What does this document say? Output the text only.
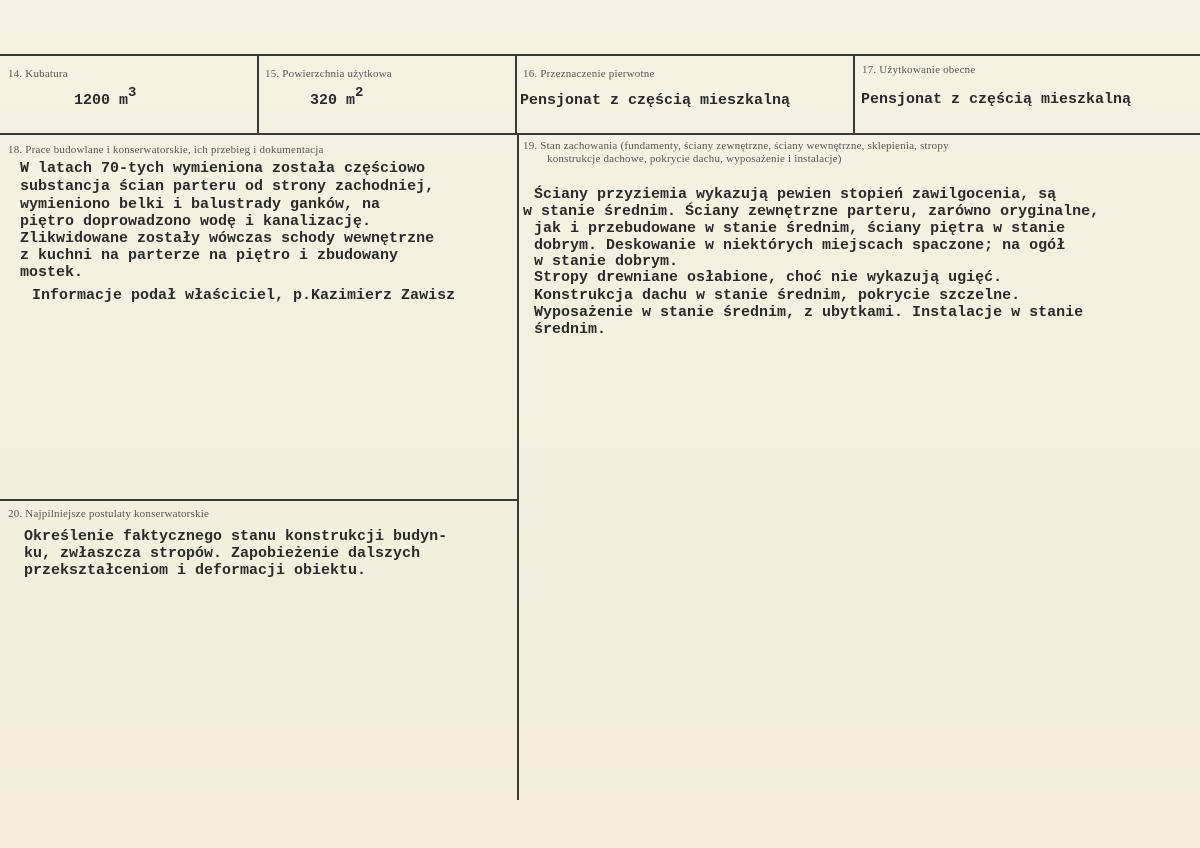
14. Kubatura
1200 m3
15. Powierzchnia użytkowa
320 m2
16. Przeznaczenie pierwotne
Pensjonat z częścią mieszkalną
17. Użytkowanie obecne
Pensjonat z częścią mieszkalną
18. Prace budowlane i konserwatorskie, ich przebieg i dokumentacja
W latach 70-tych wymieniona została częściowo
substancja ścian parteru od strony zachodniej,
wymieniono belki i balustrady ganków, na
piętro doprowadzono wodę i kanalizację.
Zlikwidowane zostały wówczas schody wewnętrzne
z kuchni na parterze na piętro i zbudowany
mostek.
Informacje podał właściciel, p.Kazimierz Zawisz
19. Stan zachowania (fundamenty, ściany zewnętrzne, ściany wewnętrzne, sklepienia, stropy
konstrukcje dachowe, pokrycie dachu, wyposażenie i instalacje)
Ściany przyziemia wykazują pewien stopień zawilgocenia, są
w stanie średnim. Ściany zewnętrzne parteru, zarówno oryginalne,
jak i przebudowane w stanie średnim, ściany piętra w stanie
dobrym. Deskowanie w niektórych miejscach spaczone; na ogół
w stanie dobrym.
Stropy drewniane osłabione, choć nie wykazują ugięć.
Konstrukcja dachu w stanie średnim, pokrycie szczelne.
Wyposażenie w stanie średnim, z ubytkami. Instalacje w stanie
średnim.
20. Najpilniejsze postulaty konserwatorskie
Określenie faktycznego stanu konstrukcji budyn-
ku, zwłaszcza stropów. Zapobieżenie dalszych
przekształceniom i deformacji obiektu.
